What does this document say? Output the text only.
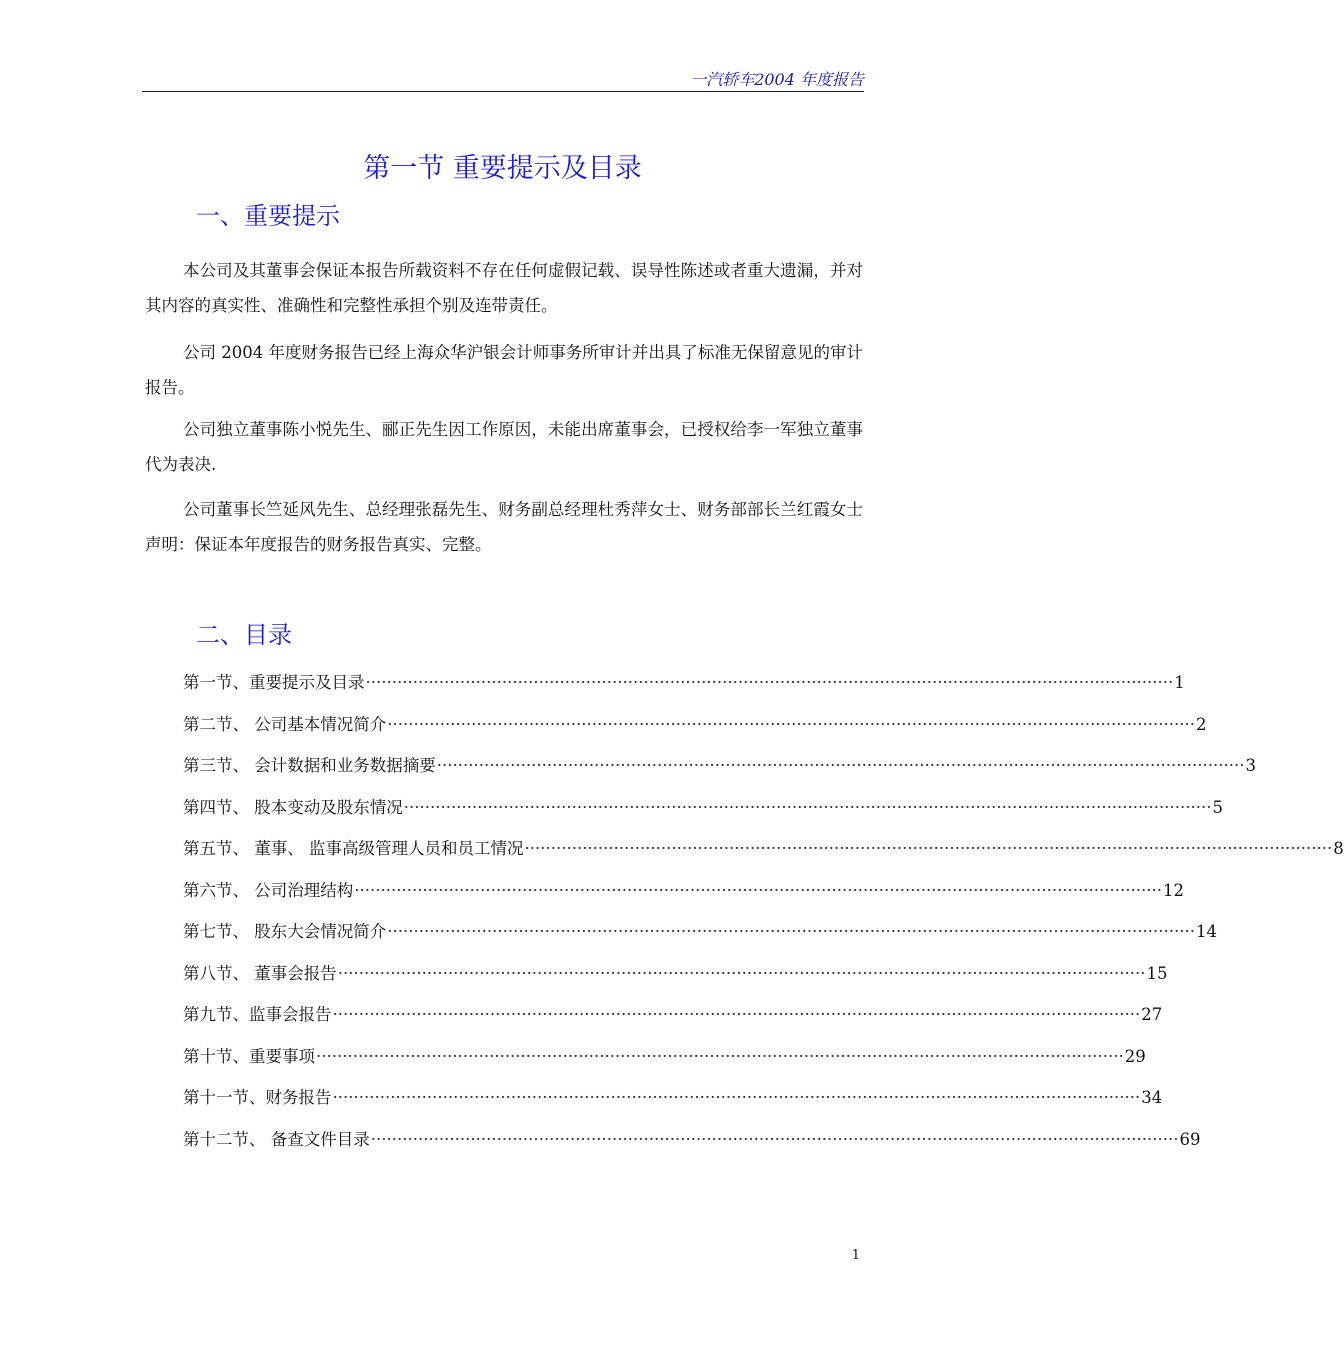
一汽轿车2004 年度报告
第一节 重要提示及目录
一、重要提示

本公司及其董事会保证本报告所载资料不存在任何虚假记载、误导性陈述或者重大遗漏，并对其内容的真实性、准确性和完整性承担个别及连带责任。

公司 2004 年度财务报告已经上海众华沪银会计师事务所审计并出具了标准无保留意见的审计报告。

公司独立董事陈小悦先生、郦正先生因工作原因，未能出席董事会，已授权给李一军独立董事代为表决.

公司董事长竺延风先生、总经理张磊先生、财务副总经理杜秀萍女士、财务部部长兰红霞女士声明：保证本年度报告的财务报告真实、完整。

二、目录
第一节、重要提示及目录 ·························································································································································· 1
第二节、 公司基本情况简介 ·························································································································································· 2
第三节、 会计数据和业务数据摘要 ·························································································································································· 3
第四节、 股本变动及股东情况 ·························································································································································· 5
第五节、 董事、 监事高级管理人员和员工情况 ·························································································································································· 8
第六节、 公司治理结构 ·························································································································································· 12
第七节、 股东大会情况简介 ·························································································································································· 14
第八节、 董事会报告 ·························································································································································· 15
第九节、监事会报告 ·························································································································································· 27
第十节、重要事项 ·························································································································································· 29
第十一节、财务报告 ·························································································································································· 34
第十二节、 备查文件目录 ·························································································································································· 69
1
